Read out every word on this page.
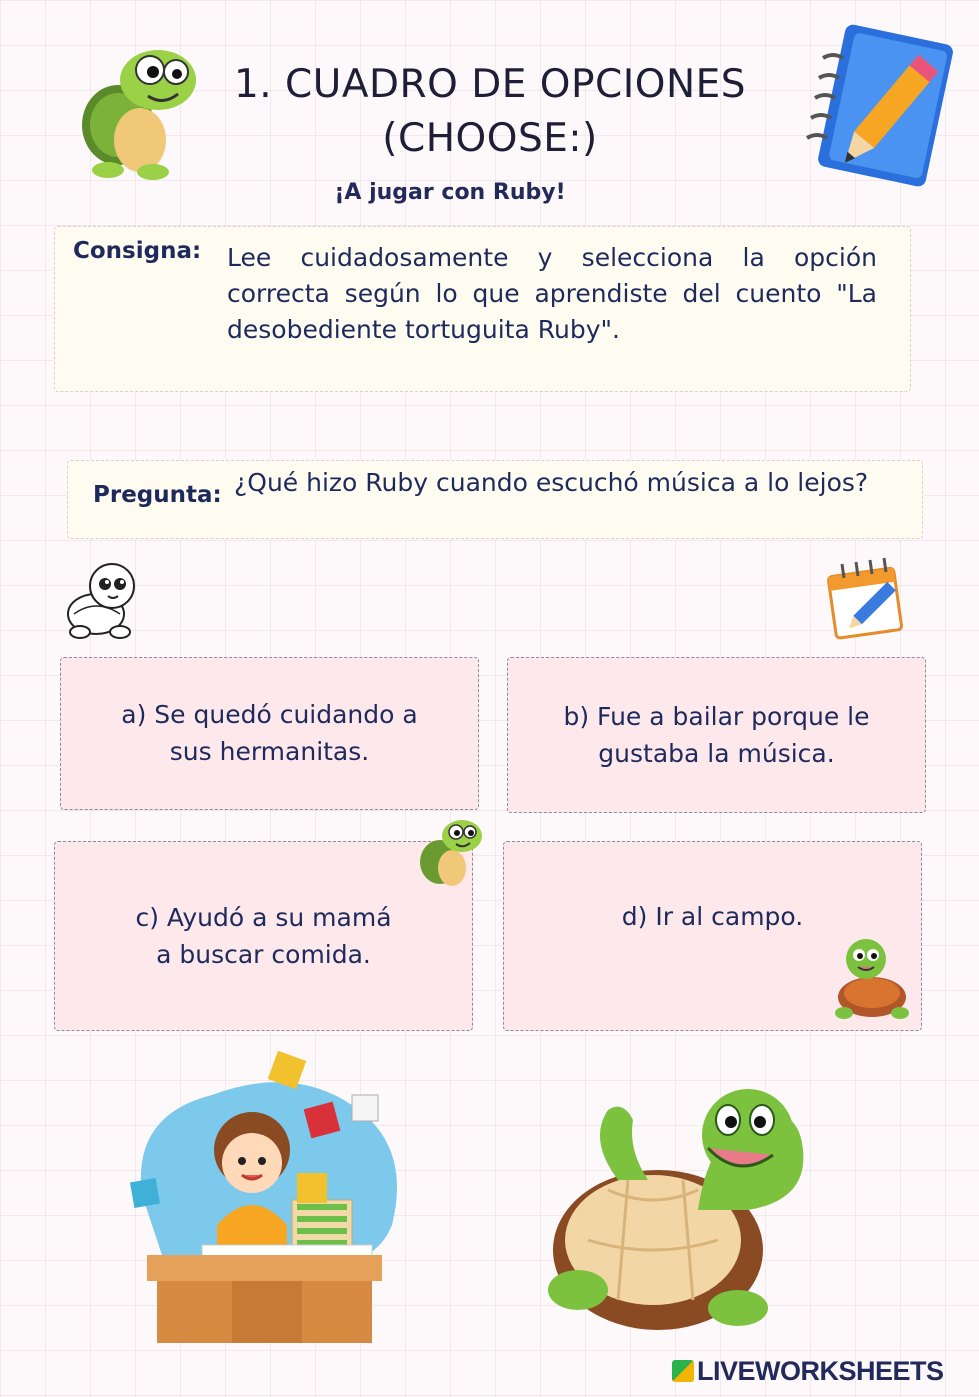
1. CUADRO DE OPCIONES
(CHOOSE:)
¡A jugar con Ruby!
Consigna: Lee cuidadosamente y selecciona la opción correcta según lo que aprendiste del cuento "La desobediente tortuguita Ruby".
Pregunta: ¿Qué hizo Ruby cuando escuchó música a lo lejos?
a) Se quedó cuidando a
sus hermanitas.
b) Fue a bailar porque le
gustaba la música.
c) Ayudó a su mamá
a buscar comida.
d) Ir al campo.
LIVEWORKSHEETS
